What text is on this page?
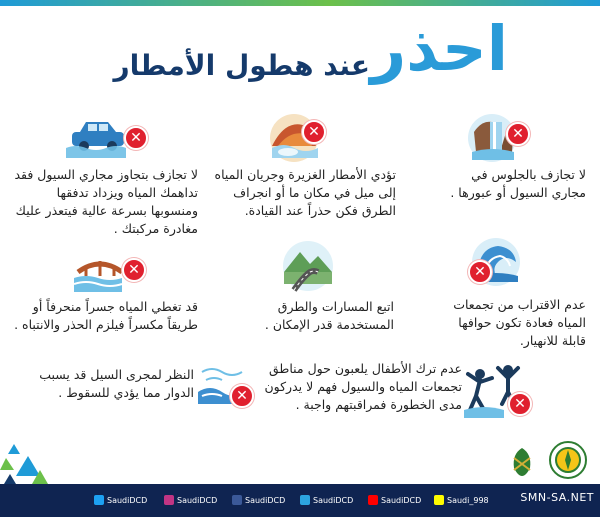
احذر
عند هطول الأمطار
✕
لا تجازف بالجلوس في مجاري السيول أو عبورها .
✕
تؤدي الأمطار الغزيرة وجريان المياه إلى ميل في مكان ما أو انجراف الطرق فكن حذراً عند القيادة.
✕
لا تجازف بتجاوز مجاري السيول فقد تداهمك المياه ويزداد تدفقها ومنسوبها بسرعة عالية فيتعذر عليك مغادرة مركبتك .
✕
عدم الاقتراب من تجمعات المياه فعادة تكون حوافها قابلة للانهيار.
اتبع المسارات والطرق المستخدمة قدر الإمكان .
✕
قد تغطي المياه جسراً منحرفاً أو طريقاً مكسراً فيلزم الحذر والانتباه .
✕
عدم ترك الأطفال يلعبون حول مناطق تجمعات المياه والسيول فهم لا يدركون مدى الخطورة فمراقبتهم واجبة .
✕
النظر لمجرى السيل قد يسبب الدوار مما يؤدي للسقوط .
SaudiDCD	SaudiDCD	SaudiDCD	SaudiDCD	SaudiDCD	Saudi_998	SMN-SA.NET
